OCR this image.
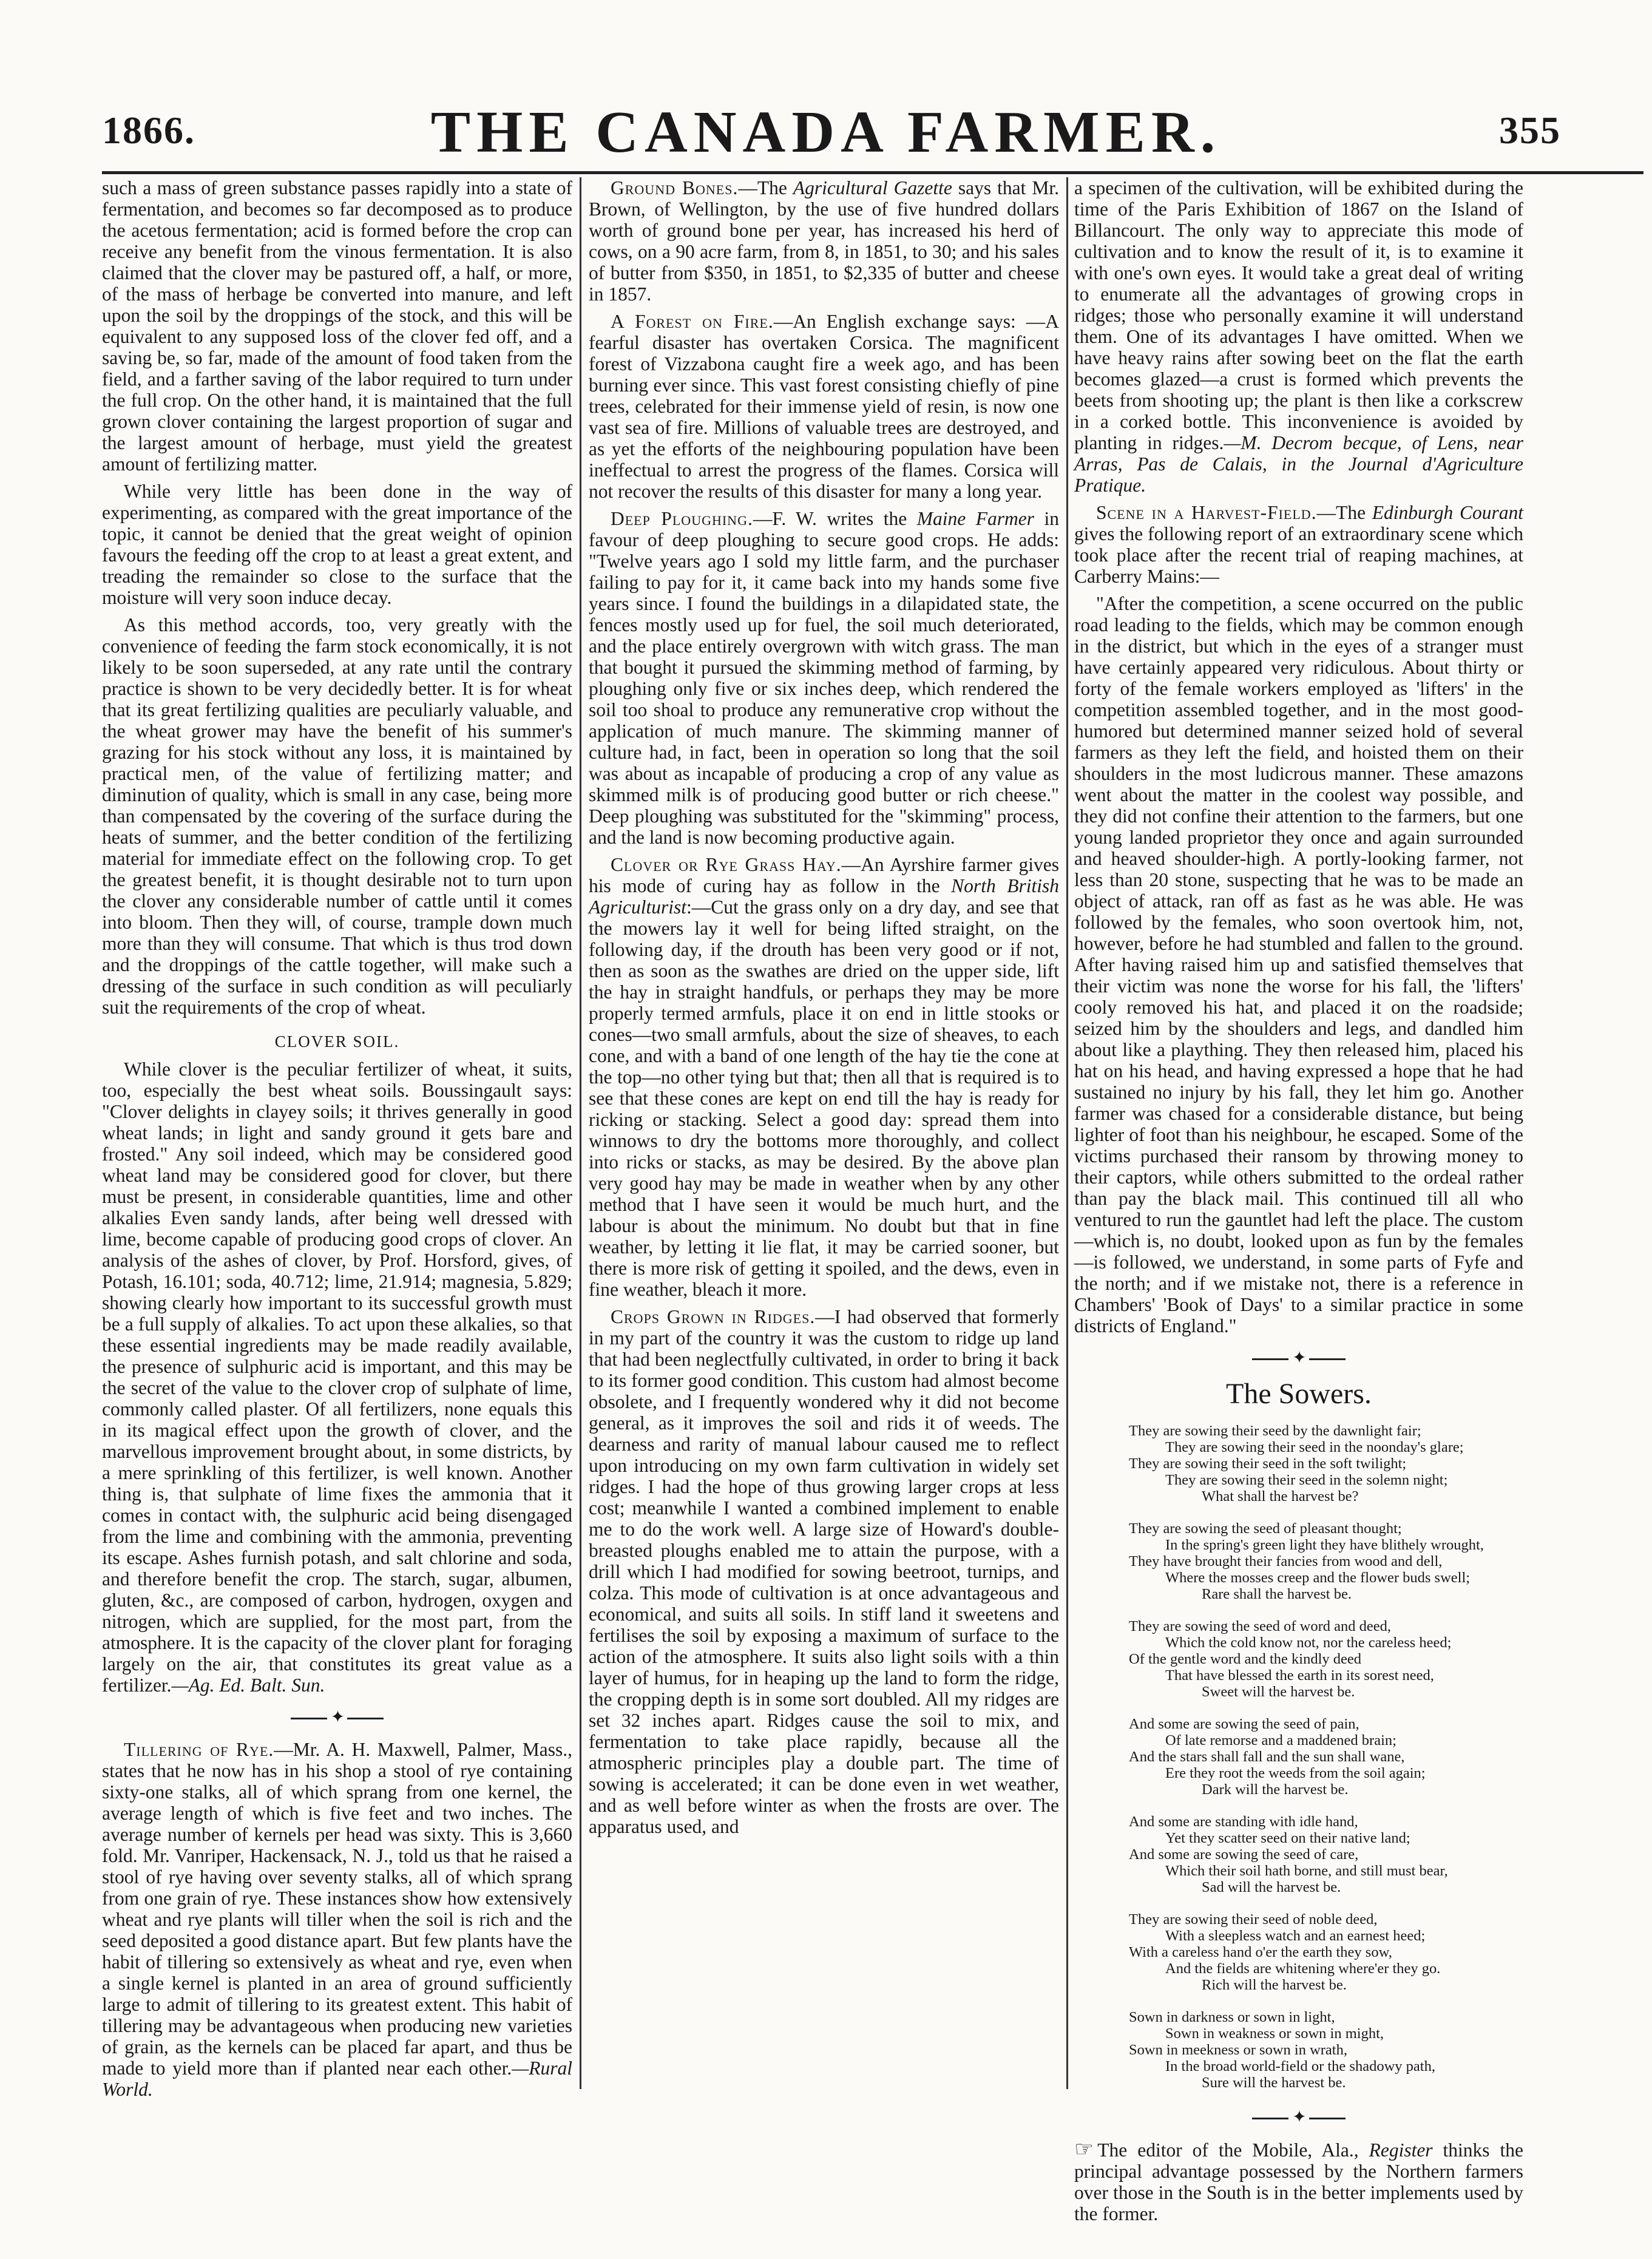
1866.	THE CANADA FARMER.	355

such a mass of green substance passes rapidly into a state of fermentation, and becomes so far decomposed as to produce the acetous fermentation; acid is formed before the crop can receive any benefit from the vinous fermentation. It is also claimed that the clover may be pastured off, a half, or more, of the mass of herbage be converted into manure, and left upon the soil by the droppings of the stock, and this will be equivalent to any supposed loss of the clover fed off, and a saving be, so far, made of the amount of food taken from the field, and a farther saving of the labor required to turn under the full crop. On the other hand, it is maintained that the full grown clover containing the largest proportion of sugar and the largest amount of herbage, must yield the greatest amount of fertilizing matter.

While very little has been done in the way of experimenting, as compared with the great importance of the topic, it cannot be denied that the great weight of opinion favours the feeding off the crop to at least a great extent, and treading the remainder so close to the surface that the moisture will very soon induce decay.

As this method accords, too, very greatly with the convenience of feeding the farm stock economically, it is not likely to be soon superseded, at any rate until the contrary practice is shown to be very decidedly better. It is for wheat that its great fertilizing qualities are peculiarly valuable, and the wheat grower may have the benefit of his summer's grazing for his stock without any loss, it is maintained by practical men, of the value of fertilizing matter; and diminution of quality, which is small in any case, being more than compensated by the covering of the surface during the heats of summer, and the better condition of the fertilizing material for immediate effect on the following crop. To get the greatest benefit, it is thought desirable not to turn upon the clover any considerable number of cattle until it comes into bloom. Then they will, of course, trample down much more than they will consume. That which is thus trod down and the droppings of the cattle together, will make such a dressing of the surface in such condition as will peculiarly suit the requirements of the crop of wheat.

CLOVER SOIL.

While clover is the peculiar fertilizer of wheat, it suits, too, especially the best wheat soils. Boussingault says: "Clover delights in clayey soils; it thrives generally in good wheat lands; in light and sandy ground it gets bare and frosted." Any soil indeed, which may be considered good wheat land may be considered good for clover, but there must be present, in considerable quantities, lime and other alkalies Even sandy lands, after being well dressed with lime, become capable of producing good crops of clover. An analysis of the ashes of clover, by Prof. Horsford, gives, of Potash, 16.101; soda, 40.712; lime, 21.914; magnesia, 5.829; showing clearly how important to its successful growth must be a full supply of alkalies. To act upon these alkalies, so that these essential ingredients may be made readily available, the presence of sulphuric acid is important, and this may be the secret of the value to the clover crop of sulphate of lime, commonly called plaster. Of all fertilizers, none equals this in its magical effect upon the growth of clover, and the marvellous improvement brought about, in some districts, by a mere sprinkling of this fertilizer, is well known. Another thing is, that sulphate of lime fixes the ammonia that it comes in contact with, the sulphuric acid being disengaged from the lime and combining with the ammonia, preventing its escape. Ashes furnish potash, and salt chlorine and soda, and therefore benefit the crop. The starch, sugar, albumen, gluten, &c., are composed of carbon, hydrogen, oxygen and nitrogen, which are supplied, for the most part, from the atmosphere. It is the capacity of the clover plant for foraging largely on the air, that constitutes its great value as a fertilizer.—Ag. Ed. Balt. Sun.

✦

Tillering of Rye.—Mr. A. H. Maxwell, Palmer, Mass., states that he now has in his shop a stool of rye containing sixty-one stalks, all of which sprang from one kernel, the average length of which is five feet and two inches. The average number of kernels per head was sixty. This is 3,660 fold. Mr. Vanriper, Hackensack, N. J., told us that he raised a stool of rye having over seventy stalks, all of which sprang from one grain of rye. These instances show how extensively wheat and rye plants will tiller when the soil is rich and the seed deposited a good distance apart. But few plants have the habit of tillering so extensively as wheat and rye, even when a single kernel is planted in an area of ground sufficiently large to admit of tillering to its greatest extent. This habit of tillering may be advantageous when producing new varieties of grain, as the kernels can be placed far apart, and thus be made to yield more than if planted near each other.—Rural World.

Ground Bones.—The Agricultural Gazette says that Mr. Brown, of Wellington, by the use of five hundred dollars worth of ground bone per year, has increased his herd of cows, on a 90 acre farm, from 8, in 1851, to 30; and his sales of butter from $350, in 1851, to $2,335 of butter and cheese in 1857.

A Forest on Fire.—An English exchange says: —A fearful disaster has overtaken Corsica. The magnificent forest of Vizzabona caught fire a week ago, and has been burning ever since. This vast forest consisting chiefly of pine trees, celebrated for their immense yield of resin, is now one vast sea of fire. Millions of valuable trees are destroyed, and as yet the efforts of the neighbouring population have been ineffectual to arrest the progress of the flames. Corsica will not recover the results of this disaster for many a long year.

Deep Ploughing.—F. W. writes the Maine Farmer in favour of deep ploughing to secure good crops. He adds: "Twelve years ago I sold my little farm, and the purchaser failing to pay for it, it came back into my hands some five years since. I found the buildings in a dilapidated state, the fences mostly used up for fuel, the soil much deteriorated, and the place entirely overgrown with witch grass. The man that bought it pursued the skimming method of farming, by ploughing only five or six inches deep, which rendered the soil too shoal to produce any remunerative crop without the application of much manure. The skimming manner of culture had, in fact, been in operation so long that the soil was about as incapable of producing a crop of any value as skimmed milk is of producing good butter or rich cheese." Deep ploughing was substituted for the "skimming" process, and the land is now becoming productive again.

Clover or Rye Grass Hay.—An Ayrshire farmer gives his mode of curing hay as follow in the North British Agriculturist:—Cut the grass only on a dry day, and see that the mowers lay it well for being lifted straight, on the following day, if the drouth has been very good or if not, then as soon as the swathes are dried on the upper side, lift the hay in straight handfuls, or perhaps they may be more properly termed armfuls, place it on end in little stooks or cones—two small armfuls, about the size of sheaves, to each cone, and with a band of one length of the hay tie the cone at the top—no other tying but that; then all that is required is to see that these cones are kept on end till the hay is ready for ricking or stacking. Select a good day: spread them into winnows to dry the bottoms more thoroughly, and collect into ricks or stacks, as may be desired. By the above plan very good hay may be made in weather when by any other method that I have seen it would be much hurt, and the labour is about the minimum. No doubt but that in fine weather, by letting it lie flat, it may be carried sooner, but there is more risk of getting it spoiled, and the dews, even in fine weather, bleach it more.

Crops Grown in Ridges.—I had observed that formerly in my part of the country it was the custom to ridge up land that had been neglectfully cultivated, in order to bring it back to its former good condition. This custom had almost become obsolete, and I frequently wondered why it did not become general, as it improves the soil and rids it of weeds. The dearness and rarity of manual labour caused me to reflect upon introducing on my own farm cultivation in widely set ridges. I had the hope of thus growing larger crops at less cost; meanwhile I wanted a combined implement to enable me to do the work well. A large size of Howard's double-breasted ploughs enabled me to attain the purpose, with a drill which I had modified for sowing beetroot, turnips, and colza. This mode of cultivation is at once advantageous and economical, and suits all soils. In stiff land it sweetens and fertilises the soil by exposing a maximum of surface to the action of the atmosphere. It suits also light soils with a thin layer of humus, for in heaping up the land to form the ridge, the cropping depth is in some sort doubled. All my ridges are set 32 inches apart. Ridges cause the soil to mix, and fermentation to take place rapidly, because all the atmospheric principles play a double part. The time of sowing is accelerated; it can be done even in wet weather, and as well before winter as when the frosts are over. The apparatus used, and

a specimen of the cultivation, will be exhibited during the time of the Paris Exhibition of 1867 on the Island of Billancourt. The only way to appreciate this mode of cultivation and to know the result of it, is to examine it with one's own eyes. It would take a great deal of writing to enumerate all the advantages of growing crops in ridges; those who personally examine it will understand them. One of its advantages I have omitted. When we have heavy rains after sowing beet on the flat the earth becomes glazed—a crust is formed which prevents the beets from shooting up; the plant is then like a corkscrew in a corked bottle. This inconvenience is avoided by planting in ridges.—M. Decrom becque, of Lens, near Arras, Pas de Calais, in the Journal d'Agriculture Pratique.

Scene in a Harvest-Field.—The Edinburgh Courant gives the following report of an extraordinary scene which took place after the recent trial of reaping machines, at Carberry Mains:—

"After the competition, a scene occurred on the public road leading to the fields, which may be common enough in the district, but which in the eyes of a stranger must have certainly appeared very ridiculous. About thirty or forty of the female workers employed as 'lifters' in the competition assembled together, and in the most good-humored but determined manner seized hold of several farmers as they left the field, and hoisted them on their shoulders in the most ludicrous manner. These amazons went about the matter in the coolest way possible, and they did not confine their attention to the farmers, but one young landed proprietor they once and again surrounded and heaved shoulder-high. A portly-looking farmer, not less than 20 stone, suspecting that he was to be made an object of attack, ran off as fast as he was able. He was followed by the females, who soon overtook him, not, however, before he had stumbled and fallen to the ground. After having raised him up and satisfied themselves that their victim was none the worse for his fall, the 'lifters' cooly removed his hat, and placed it on the roadside; seized him by the shoulders and legs, and dandled him about like a plaything. They then released him, placed his hat on his head, and having expressed a hope that he had sustained no injury by his fall, they let him go. Another farmer was chased for a considerable distance, but being lighter of foot than his neighbour, he escaped. Some of the victims purchased their ransom by throwing money to their captors, while others submitted to the ordeal rather than pay the black mail. This continued till all who ventured to run the gauntlet had left the place. The custom—which is, no doubt, looked upon as fun by the females—is followed, we understand, in some parts of Fyfe and the north; and if we mistake not, there is a reference in Chambers' 'Book of Days' to a similar practice in some districts of England."

✦
The Sowers.
They are sowing their seed by the dawnlight fair;
They are sowing their seed in the noonday's glare;
They are sowing their seed in the soft twilight;
They are sowing their seed in the solemn night;
What shall the harvest be?
They are sowing the seed of pleasant thought;
In the spring's green light they have blithely wrought,
They have brought their fancies from wood and dell,
Where the mosses creep and the flower buds swell;
Rare shall the harvest be.
They are sowing the seed of word and deed,
Which the cold know not, nor the careless heed;
Of the gentle word and the kindly deed
That have blessed the earth in its sorest need,
Sweet will the harvest be.
And some are sowing the seed of pain,
Of late remorse and a maddened brain;
And the stars shall fall and the sun shall wane,
Ere they root the weeds from the soil again;
Dark will the harvest be.
And some are standing with idle hand,
Yet they scatter seed on their native land;
And some are sowing the seed of care,
Which their soil hath borne, and still must bear,
Sad will the harvest be.
They are sowing their seed of noble deed,
With a sleepless watch and an earnest heed;
With a careless hand o'er the earth they sow,
And the fields are whitening where'er they go.
Rich will the harvest be.
Sown in darkness or sown in light,
Sown in weakness or sown in might,
Sown in meekness or sown in wrath,
In the broad world-field or the shadowy path,
Sure will the harvest be.
✦

☞ The editor of the Mobile, Ala., Register thinks the principal advantage possessed by the Northern farmers over those in the South is in the better implements used by the former.
